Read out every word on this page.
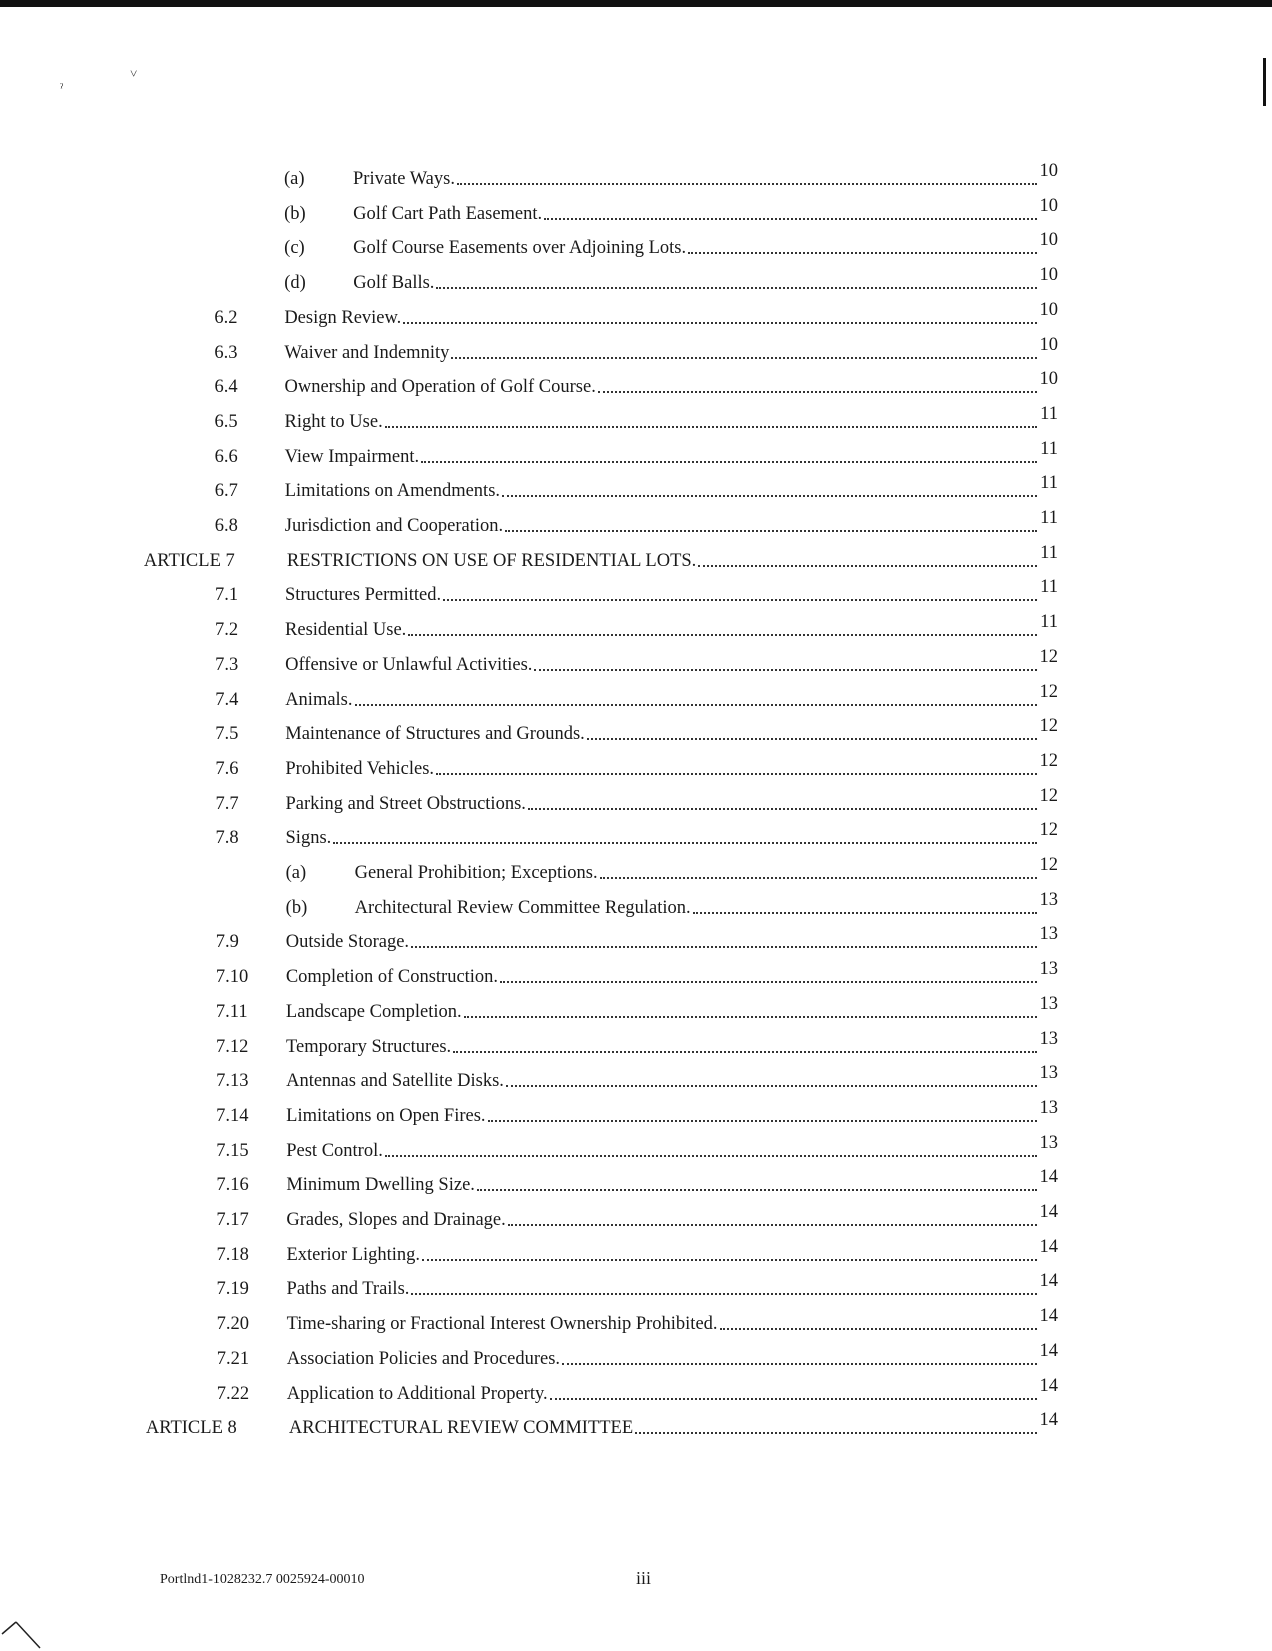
˅
ˀ
(a)	Private Ways.	10
(b)	Golf Cart Path Easement.	10
(c)	Golf Course Easements over Adjoining Lots.	10
(d)	Golf Balls.	10
6.2	Design Review.	10
6.3	Waiver and Indemnity	10
6.4	Ownership and Operation of Golf Course.	10
6.5	Right to Use.	11
6.6	View Impairment.	11
6.7	Limitations on Amendments.	11
6.8	Jurisdiction and Cooperation.	11
ARTICLE 7	RESTRICTIONS ON USE OF RESIDENTIAL LOTS.	11
7.1	Structures Permitted.	11
7.2	Residential Use.	11
7.3	Offensive or Unlawful Activities.	12
7.4	Animals.	12
7.5	Maintenance of Structures and Grounds.	12
7.6	Prohibited Vehicles.	12
7.7	Parking and Street Obstructions.	12
7.8	Signs.	12
(a)	General Prohibition; Exceptions.	12
(b)	Architectural Review Committee Regulation.	13
7.9	Outside Storage.	13
7.10 Completion of Construction.	13
7.11 Landscape Completion.	13
7.12 Temporary Structures.	13
7.13 Antennas and Satellite Disks.	13
7.14 Limitations on Open Fires.	13
7.15 Pest Control.	13
7.16 Minimum Dwelling Size.	14
7.17 Grades, Slopes and Drainage.	14
7.18 Exterior Lighting.	14
7.19 Paths and Trails.	14
7.20 Time-sharing or Fractional Interest Ownership Prohibited.	14
7.21 Association Policies and Procedures.	14
7.22 Application to Additional Property.	14
ARTICLE 8	ARCHITECTURAL REVIEW COMMITTEE	14
Portlnd1-1028232.7 0025924-00010	iii
